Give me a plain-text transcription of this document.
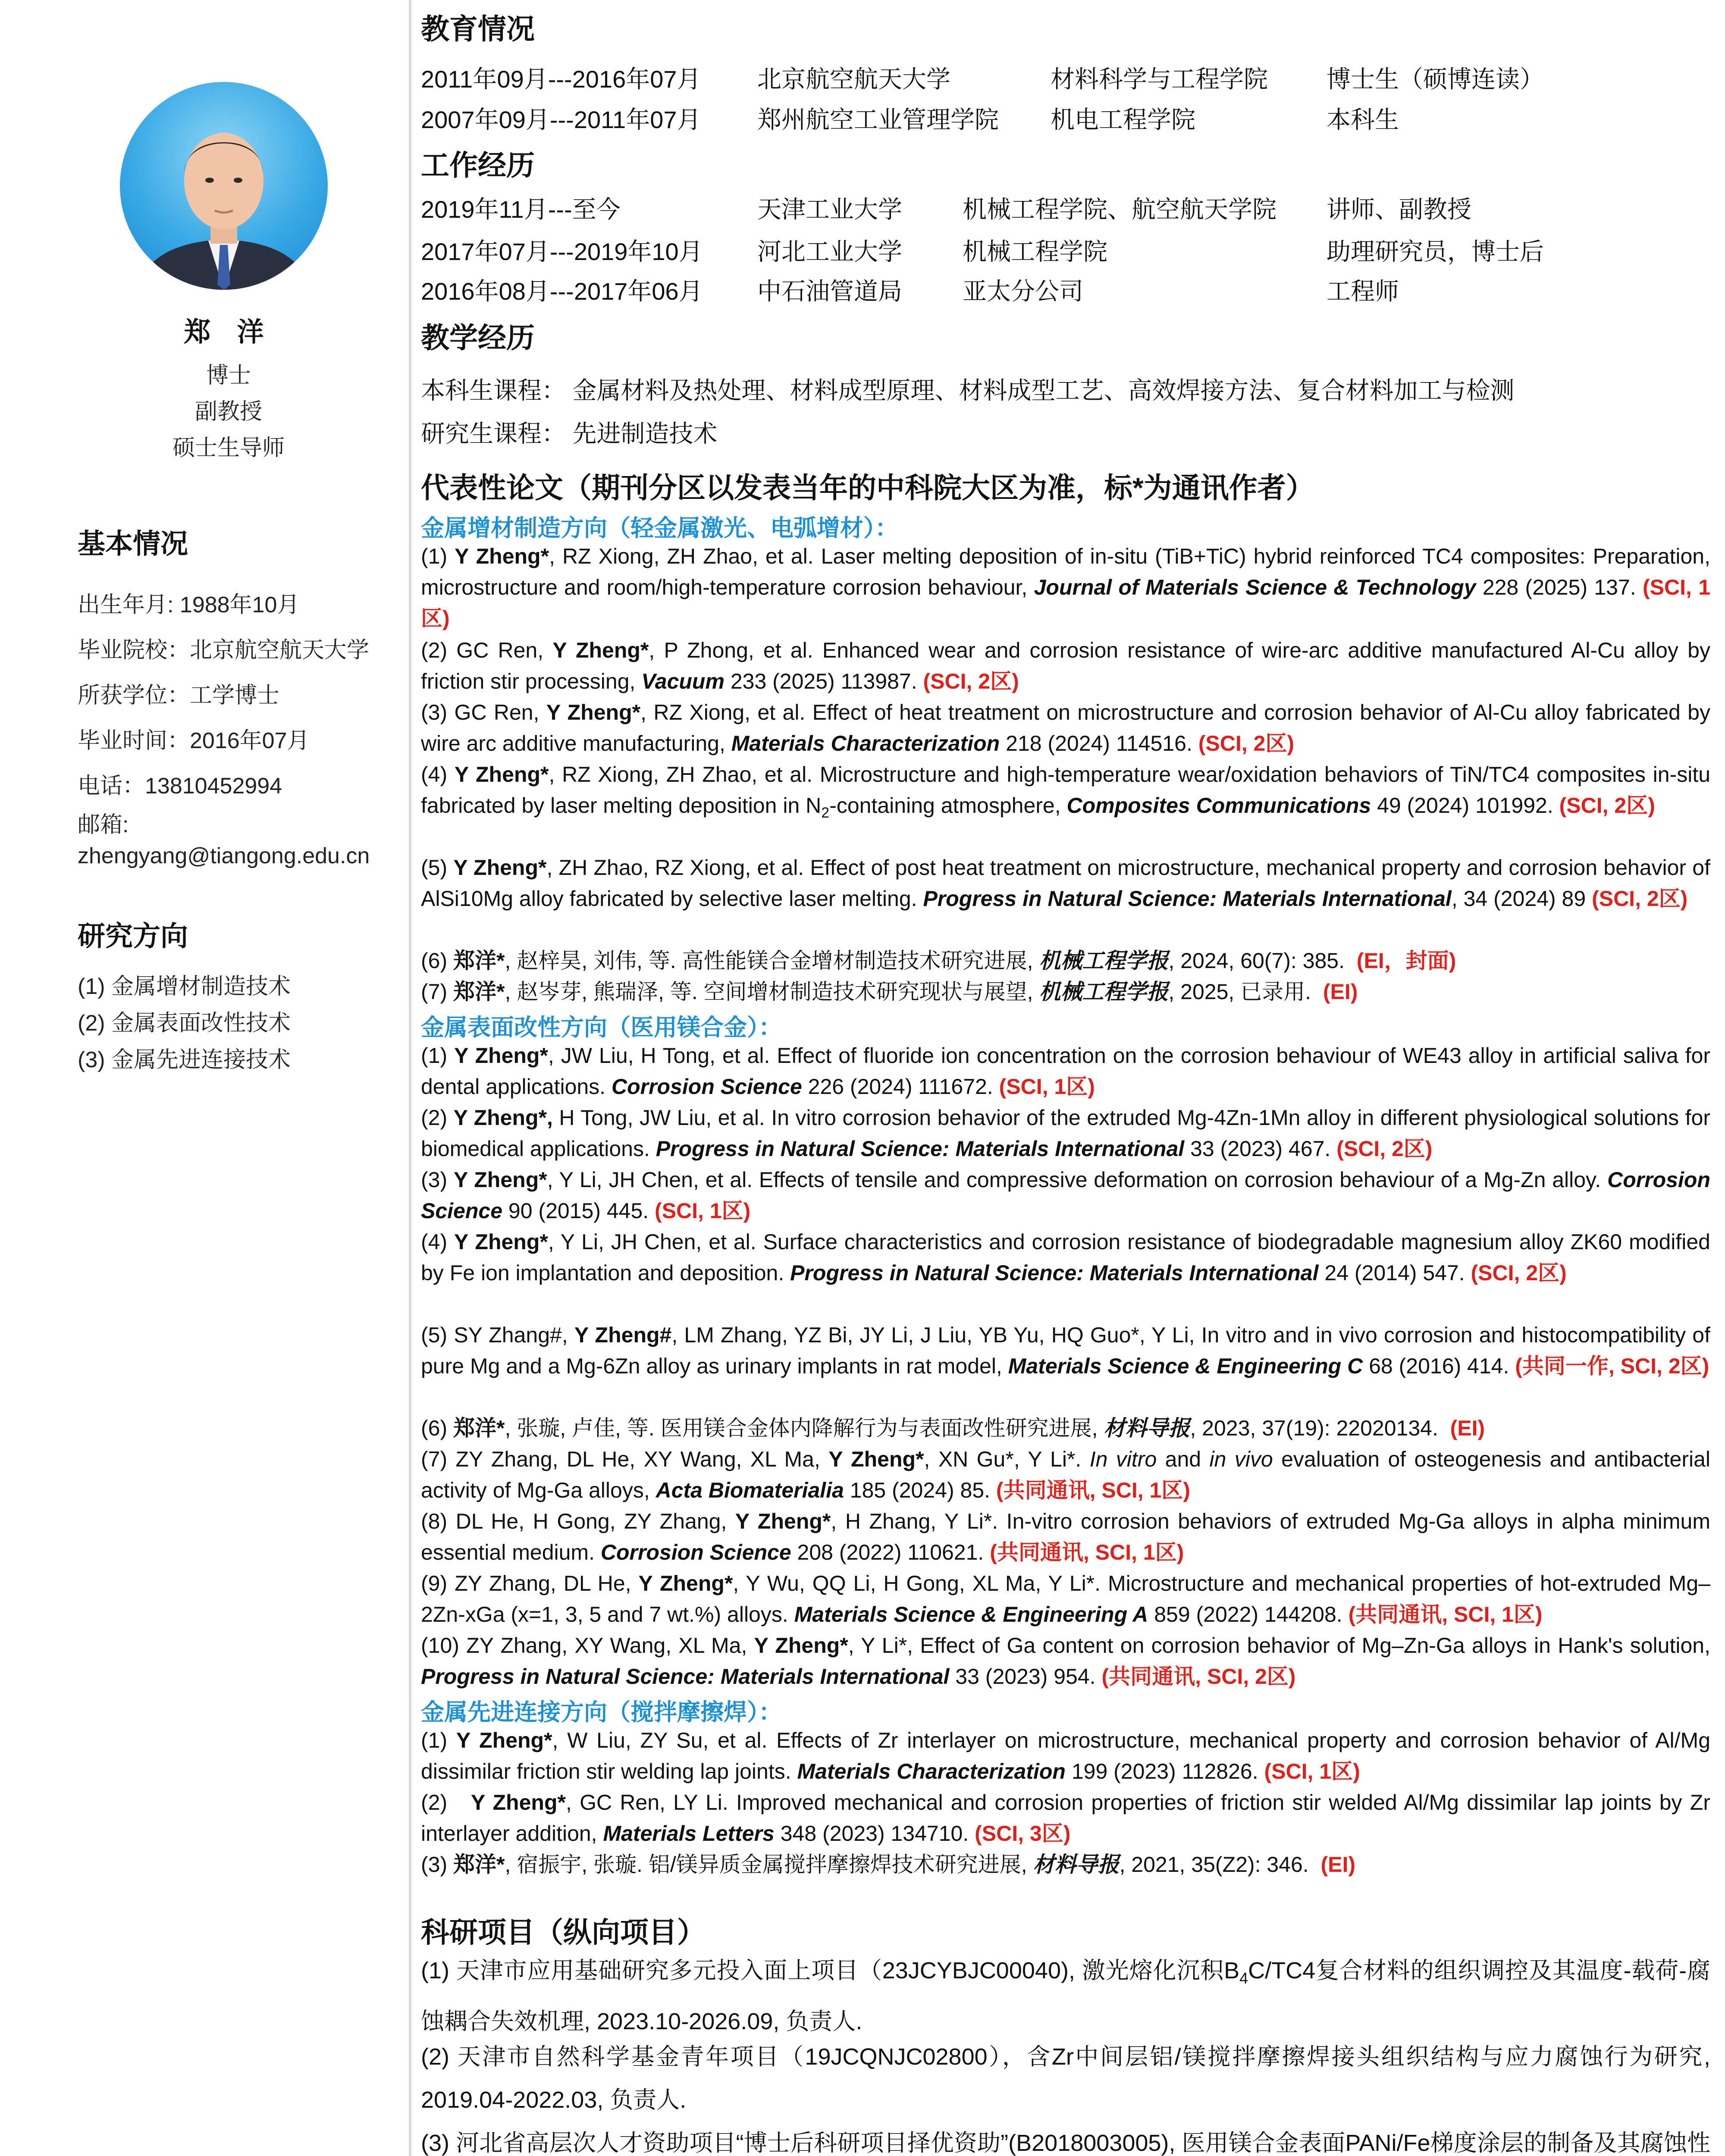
郑 洋
博士
副教授
硕士生导师
基本情况
出生年月: 1988年10月
毕业院校：北京航空航天大学
所获学位：工学博士
毕业时间：2016年07月
电话：13810452994
邮箱:
zhengyang@tiangong.edu.cn
研究方向
(1) 金属增材制造技术
(2) 金属表面改性技术
(3) 金属先进连接技术
教育情况
2011年09月---2016年07月 北京航空航天大学	材料科学与工程学院 博士生（硕博连读）
2007年09月---2011年07月 郑州航空工业管理学院 机电工程学院	本科生
工作经历
2019年11月---至今	天津工业大学	机械工程学院、航空航天学院 讲师、副教授
2017年07月---2019年10月 河北工业大学	机械工程学院	助理研究员，博士后
2016年08月---2017年06月 中石油管道局	亚太分公司	工程师
教学经历
本科生课程： 金属材料及热处理、材料成型原理、材料成型工艺、高效焊接方法、复合材料加工与检测
研究生课程： 先进制造技术
代表性论文（期刊分区以发表当年的中科院大区为准，标*为通讯作者）
金属增材制造方向（轻金属激光、电弧增材）：
(1) Y Zheng*, RZ Xiong, ZH Zhao, et al. Laser melting deposition of in-situ (TiB+TiC) hybrid reinforced TC4 composites: Preparation, microstructure and room/high-temperature corrosion behaviour, Journal of Materials Science & Technology 228 (2025) 137. (SCI, 1区)
(2) GC Ren, Y Zheng*, P Zhong, et al. Enhanced wear and corrosion resistance of wire-arc additive manufactured Al-Cu alloy by friction stir processing, Vacuum 233 (2025) 113987. (SCI, 2区)
(3) GC Ren, Y Zheng*, RZ Xiong, et al. Effect of heat treatment on microstructure and corrosion behavior of Al-Cu alloy fabricated by wire arc additive manufacturing, Materials Characterization 218 (2024) 114516. (SCI, 2区)
(4) Y Zheng*, RZ Xiong, ZH Zhao, et al. Microstructure and high-temperature wear/oxidation behaviors of TiN/TC4 composites in-situ fabricated by laser melting deposition in $N_2$-containing atmosphere, Composites Communications 49 (2024) 101992. (SCI, 2区)
(5) Y Zheng*, ZH Zhao, RZ Xiong, et al. Effect of post heat treatment on microstructure, mechanical property and corrosion behavior of AlSi10Mg alloy fabricated by selective laser melting. Progress in Natural Science: Materials International, 34 (2024) 89 (SCI, 2区)
(6) 郑洋*, 赵梓昊, 刘伟, 等. 高性能镁合金增材制造技术研究进展, 机械工程学报, 2024, 60(7): 385.  (EI，封面)
(7) 郑洋*, 赵岑芽, 熊瑞泽, 等. 空间增材制造技术研究现状与展望, 机械工程学报, 2025, 已录用.  (EI)
金属表面改性方向（医用镁合金）：
(1) Y Zheng*, JW Liu, H Tong, et al. Effect of fluoride ion concentration on the corrosion behaviour of WE43 alloy in artificial saliva for dental applications. Corrosion Science 226 (2024) 111672. (SCI, 1区)
(2) Y Zheng*, H Tong, JW Liu, et al. In vitro corrosion behavior of the extruded Mg-4Zn-1Mn alloy in different physiological solutions for biomedical applications. Progress in Natural Science: Materials International 33 (2023) 467. (SCI, 2区)
(3) Y Zheng*, Y Li, JH Chen, et al. Effects of tensile and compressive deformation on corrosion behaviour of a Mg-Zn alloy. Corrosion Science 90 (2015) 445. (SCI, 1区)
(4) Y Zheng*, Y Li, JH Chen, et al. Surface characteristics and corrosion resistance of biodegradable magnesium alloy ZK60 modified by Fe ion implantation and deposition. Progress in Natural Science: Materials International 24 (2014) 547. (SCI, 2区)
(5) SY Zhang#, Y Zheng#, LM Zhang, YZ Bi, JY Li, J Liu, YB Yu, HQ Guo*, Y Li, In vitro and in vivo corrosion and histocompatibility of pure Mg and a Mg-6Zn alloy as urinary implants in rat model, Materials Science & Engineering C 68 (2016) 414. (共同一作, SCI, 2区)
(6) 郑洋*, 张璇, 卢佳, 等. 医用镁合金体内降解行为与表面改性研究进展, 材料导报, 2023, 37(19): 22020134.  (EI)
(7) ZY Zhang, DL He, XY Wang, XL Ma, Y Zheng*, XN Gu*, Y Li*. In vitro and in vivo evaluation of osteogenesis and antibacterial activity of Mg-Ga alloys, Acta Biomaterialia 185 (2024) 85. (共同通讯, SCI, 1区)
(8) DL He, H Gong, ZY Zhang, Y Zheng*, H Zhang, Y Li*. In-vitro corrosion behaviors of extruded Mg-Ga alloys in alpha minimum essential medium. Corrosion Science 208 (2022) 110621. (共同通讯, SCI, 1区)
(9) ZY Zhang, DL He, Y Zheng*, Y Wu, QQ Li, H Gong, XL Ma, Y Li*. Microstructure and mechanical properties of hot-extruded Mg–2Zn-xGa (x=1, 3, 5 and 7 wt.%) alloys. Materials Science & Engineering A 859 (2022) 144208. (共同通讯, SCI, 1区)
(10) ZY Zhang, XY Wang, XL Ma, Y Zheng*, Y Li*, Effect of Ga content on corrosion behavior of Mg–Zn-Ga alloys in Hank's solution, Progress in Natural Science: Materials International 33 (2023) 954. (共同通讯, SCI, 2区)
金属先进连接方向（搅拌摩擦焊）：
(1) Y Zheng*, W Liu, ZY Su, et al. Effects of Zr interlayer on microstructure, mechanical property and corrosion behavior of Al/Mg dissimilar friction stir welding lap joints. Materials Characterization 199 (2023) 112826. (SCI, 1区)
(2)   Y Zheng*, GC Ren, LY Li. Improved mechanical and corrosion properties of friction stir welded Al/Mg dissimilar lap joints by Zr interlayer addition, Materials Letters 348 (2023) 134710. (SCI, 3区)
(3) 郑洋*, 宿振宇, 张璇. 铝/镁异质金属搅拌摩擦焊技术研究进展, 材料导报, 2021, 35(Z2): 346.  (EI)
科研项目（纵向项目）
(1) 天津市应用基础研究多元投入面上项目（23JCYBJC00040), 激光熔化沉积$B_4C/TC4$复合材料的组织调控及其温度-载荷-腐蚀耦合失效机理, 2023.10-2026.09, 负责人.
(2) 天津市自然科学基金青年项目（19JCQNJC02800），含Zr中间层铝/镁搅拌摩擦焊接头组织结构与应力腐蚀行为研究, 2019.04-2022.03, 负责人.
(3) 河北省高层次人才资助项目“博士后科研项目择优资助”(B2018003005), 医用镁合金表面PANi/Fe梯度涂层的制备及其腐蚀性
